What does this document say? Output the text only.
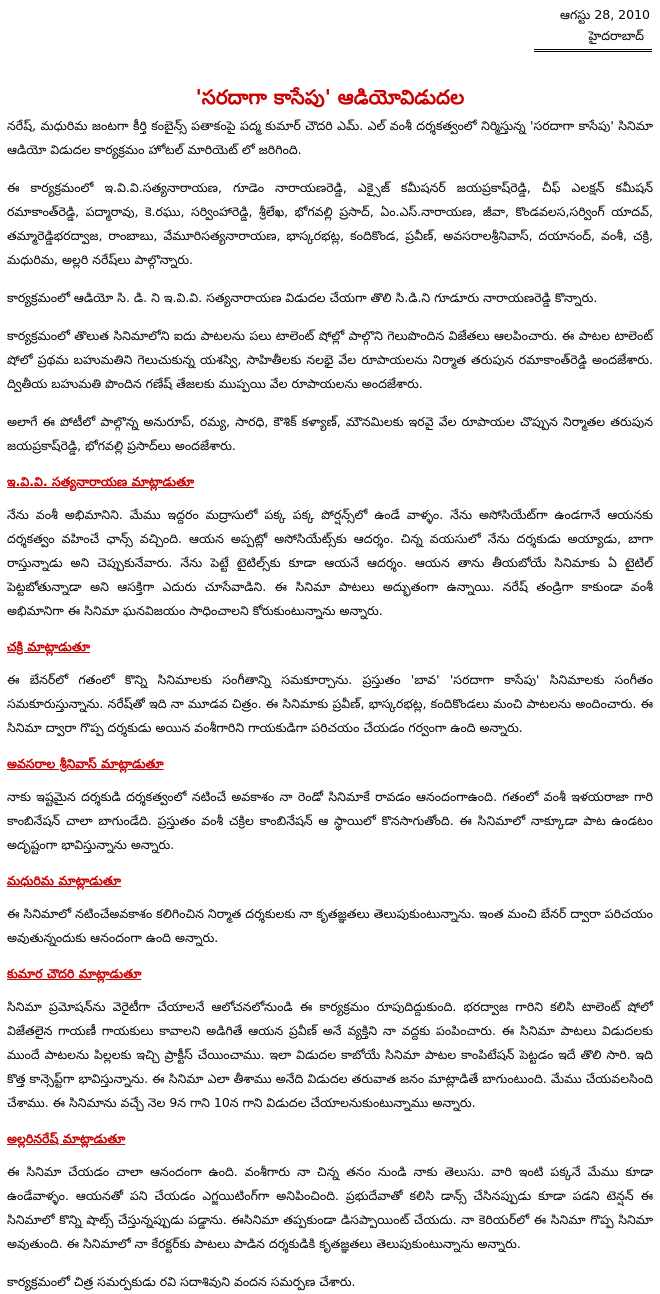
ఆగస్టు 28, 2010
హైదరాబాద్
'సరదాగా కాసేపు' ఆడియోవిడుదల

నరేష్, మధురిమ జంటగా కీర్తి కంబైన్స్ పతాకంపై పద్మ కుమార్ చౌదరి ఎమ్. ఎల్ వంశీ దర్శకత్వంలో నిర్మిస్తున్న 'సరదాగా కాసేపు' సినిమా ఆడియో విడుదల కార్యక్రమం హోటల్ మారియెట్ లో జరిగింది.

ఈ కార్యక్రమంలో ఇ.వి.వి.సత్యనారాయణ, గూడెం నారాయణరెడ్డి, ఎక్సైజ్ కమీషనర్ జయప్రకాష్‌రెడ్డి, చీఫ్ ఎలక్షన్ కమీషన్ రమాకాంత్‌రెడ్డి, పద్మారావు, కె.రఘు, సర్వింహారెడ్డి, శ్రీలేఖ, భోగవల్లి ప్రసాద్, ఏం.ఎస్.నారాయణ, జీవా, కొండవలస,సర్వింగ్ యాదవ్, తమ్మారెడ్డిభరద్వాజ, రాంబాబు, వేమూరిసత్యనారాయణ, భాస్కరభట్ల, కందికొండ, ప్రవీణ్, అవసరాలశ్రీనివాస్, దయానంద్, వంశీ, చక్రి, మధురిమ, అల్లరి నరేష్‌లు పాల్గొన్నారు.

కార్యక్రమంలో ఆడియో సి. డి. ని ఇ.వి.వి. సత్యనారాయణ విడుదల చేయగా తొలి సి.డి.ని గూడూరు నారాయణరెడ్డి కొన్నారు.

కార్యక్రమంలో తొలుత సినిమాలోని ఐదు పాటలను పలు టాలెంట్ షోల్లో పాల్గొని గెలుపొందిన విజేతలు ఆలపించారు. ఈ పాటల టాలెంట్ షోలో ప్రథమ బహుమతిని గెలుచుకున్న యశస్వి, సాహితీలకు నలభై వేల రూపాయలను నిర్మాత తరుపున రమాకాంత్‌రెడ్డి అందజేశారు. ద్వితీయ బహుమతి పొందిన గణేష్ తేజలకు ముప్పయి వేల రూపాయలను అందజేశారు.

అలాగే ఈ పోటీలో పాల్గొన్న అనురూప్, రమ్య, సారధి, కౌశిక్ కళ్యాణ్, మౌనమిలకు ఇరవై వేల రూపాయల చొప్పున నిర్మాతల తరుపున జయప్రకాష్‌రెడ్డి, భోగవల్లి ప్రసాద్‌లు అందజేశారు.

ఇ.వి.వి. సత్యనారాయణ మాట్లాడుతూ

నేను వంశీ అభిమానిని. మేము ఇద్దరం మద్రాసులో పక్క పక్క పోర్షన్స్‌లో ఉండే వాళ్ళం. నేను అసోసియేట్‌గా ఉండగానే ఆయనకు దర్శకత్వం వహించే ఛాన్స్ వచ్చింది. ఆయన అప్పట్లో అసోసియేట్స్‌కు ఆదర్శం. చిన్న వయసులో నేను దర్శకుడు అయ్యాడు, బాగా రాస్తున్నాడు అని చెప్పుకునేవారు. నేను పెట్టే టైటిల్స్‌కు కూడా ఆయనే ఆదర్శం. ఆయన తాను తీయబోయే సినిమాకు ఏ టైటిల్ పెట్టబోతున్నాడా అని ఆసక్తిగా ఎదురు చూసేవాడిని. ఈ సినిమా పాటలు అద్భుతంగా ఉన్నాయి. నరేష్ తండ్రిగా కాకుండా వంశీ అభిమానిగా ఈ సినిమా ఘనవిజయం సాధించాలని కోరుకుంటున్నాను అన్నారు.

చక్రి మాట్లాడుతూ

ఈ బేనర్‌లో గతంలో కొన్ని సినిమాలకు సంగీతాన్ని సమకూర్చాను. ప్రస్తుతం 'బావ' 'సరదాగా కాసేపు' సినిమాలకు సంగీతం సమకూరుస్తున్నాను. నరేష్‌తో ఇది నా మూడవ చిత్రం. ఈ సినిమాకు ప్రవీణ్, భాస్కరభట్ల, కందికొండలు మంచి పాటలను అందించారు. ఈ సినిమా ద్వారా గొప్ప దర్శకుడు అయిన వంశీగారిని గాయకుడిగా పరిచయం చేయడం గర్వంగా ఉంది అన్నారు.

అవసరాల శ్రీనివాస్ మాట్లాడుతూ

నాకు ఇష్టమైన దర్శకుడి దర్శకత్వంలో నటించే అవకాశం నా రెండో సినిమాకే రావడం ఆనందంగాఉంది. గతంలో వంశీ ఇళయరాజా గారి కాంబినేషన్ చాలా బాగుండేది. ప్రస్తుతం వంశీ చక్రిల కాంబినేషన్ ఆ స్థాయిలో కొనసాగుతోంది. ఈ సినిమాలో నాక్కూడా పాట ఉండటం అదృష్టంగా భావిస్తున్నాను అన్నారు.

మధురిమ మాట్లాడుతూ

ఈ సినిమాలో నటించేఅవకాశం కలిగించిన నిర్మాత దర్శకులకు నా కృతజ్ఞతలు తెలుపుకుంటున్నాను. ఇంత మంచి బేనర్ ద్వారా పరిచయం అవుతున్నందుకు ఆనందంగా ఉంది అన్నారు.

కుమార చౌదరి మాట్లాడుతూ

సినిమా ప్రమోషన్‌ను వెరైటీగా చేయాలనే ఆలోచనలోనుండి ఈ కార్యక్రమం రూపుదిద్దుకుంది. భరద్వాజ గారిని కలిసి టాలెంట్ షోలో విజేతలైన గాయణీ గాయకులు కావాలని అడిగితే ఆయన ప్రవీణ్ అనే వ్యక్తిని నా వద్దకు పంపించారు. ఈ సినిమా పాటలు విడుదలకు ముందే పాటలను పిల్లలకు ఇచ్చి ప్రాక్టీస్ చేయించాము. ఇలా విడుదల కాబోయే సినిమా పాటల కాంపిటేషన్ పెట్టడం ఇదే తొలి సారి. ఇది కొత్త కాన్సెప్ట్‌గా భావిస్తున్నాను. ఈ సినిమా ఎలా తీశాము అనేది విడుదల తరువాత జనం మాట్లాడితే బాగుంటుంది. మేము చేయవలసింది చేశాము. ఈ సినిమాను వచ్చే నెల 9న గాని 10న గాని విడుదల చేయాలనుకుంటున్నాము అన్నారు.

అల్లరినరేష్ మాట్లాడుతూ

ఈ సినిమా చేయడం చాలా ఆనందంగా ఉంది. వంశీగారు నా చిన్న తనం నుండి నాకు తెలుసు. వారి ఇంటి పక్కనే మేము కూడా ఉండేవాళ్ళం. ఆయనతో పని చేయడం ఎగ్జయిటింగ్‌గా అనిపించింది. ప్రభుదేవాతో కలిసి డాన్స్ చేసినప్పుడు కూడా పడని టెన్షన్ ఈ సినిమాలో కొన్ని షాట్స్ చేస్తున్నప్పుడు పడ్డాను. ఈసినిమా తప్పకుండా డిసప్పాయింట్ చేయదు. నా కెరియర్‌లో ఈ సినిమా గొప్ప సినిమా అవుతుంది. ఈ సినిమాలో నా కేరక్టర్‌కు పాటలు పాడిన దర్శకుడికి కృతజ్ఞతలు తెలుపుకుంటున్నాను అన్నారు.

కార్యక్రమంలో చిత్ర సమర్పకుడు రవి సదాశివుని వందన సమర్పణ చేశారు.
